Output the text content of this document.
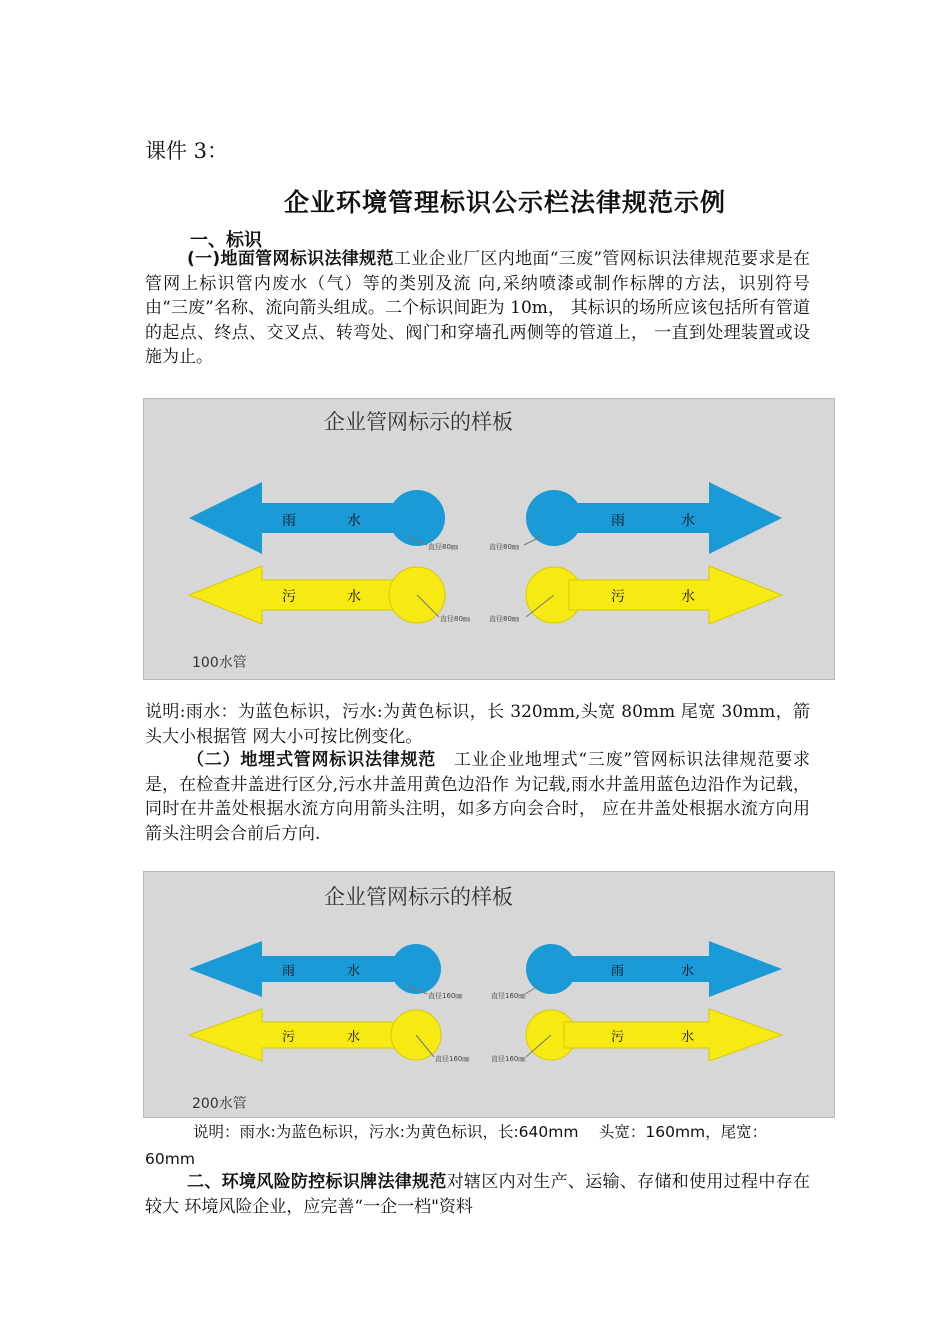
课件 3：
企业环境管理标识公示栏法律规范示例
一、标识
(一)地面管网标识法律规范工业企业厂区内地面“三废”管网标识法律规范要求是在管网上标识管内废水（气）等的类别及流 向,采纳喷漆或制作标牌的方法，识别符号由“三废”名称、流向箭头组成。二个标识间距为 10m， 其标识的场所应该包括所有管道的起点、终点、交叉点、转弯处、阀门和穿墙孔两侧等的管道上， 一直到处理装置或设施为止。
企业管网标示的样板
雨	水	雨	水
直径80㎜	直径80㎜
污	水	污	水
直径80㎜	直径80㎜
100水管
说明:雨水：为蓝色标识，污水:为黄色标识，长 320mm,头宽 80mm 尾宽 30mm，箭头大小根据管 网大小可按比例变化。
（二）地埋式管网标识法律规范　 工业企业地埋式“三废”管网标识法律规范要求是，在检查井盖进行区分,污水井盖用黄色边沿作 为记载,雨水井盖用蓝色边沿作为记载，同时在井盖处根据水流方向用箭头注明，如多方向会合时， 应在井盖处根据水流方向用箭头注明会合前后方向.
企业管网标示的样板
雨	水	雨	水
直径160㎜	直径160㎜
污	水	污	水
直径160㎜	直径160㎜
200水管
说明：雨水:为蓝色标识，污水:为黄色标识，长:640mm　 头宽：160mm，尾宽：60mm
二、环境风险防控标识牌法律规范对辖区内对生产、运输、存储和使用过程中存在较大 环境风险企业，应完善“一企一档"资料
